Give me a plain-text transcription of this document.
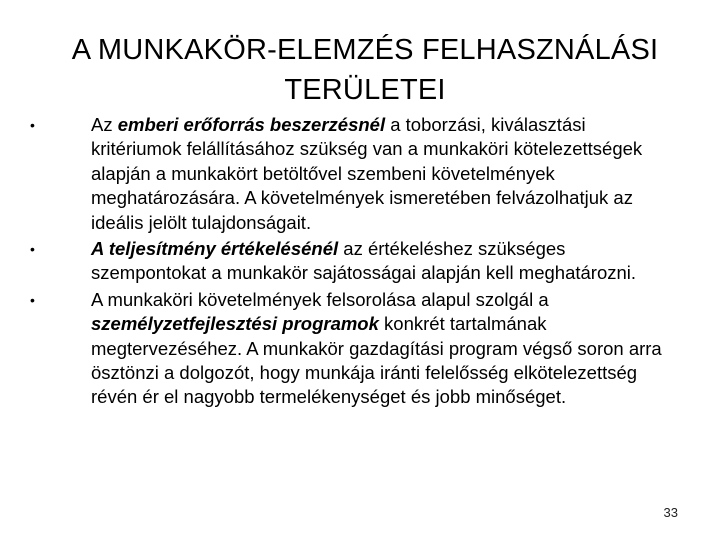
A MUNKAKÖR-ELEMZÉS FELHASZNÁLÁSI TERÜLETEI
•	Az emberi erőforrás beszerzésnél a toborzási, kiválasztási kritériumok felállításához szükség van a munkaköri kötelezettségek alapján a munkakört betöltővel szembeni követelmények meghatározására. A követelmények ismeretében felvázolhatjuk az ideális jelölt tulajdonságait.
•	A teljesítmény értékelésénél az értékeléshez szükséges szempontokat a munkakör sajátosságai alapján kell meghatározni.
•	A munkaköri követelmények felsorolása alapul szolgál a személyzetfejlesztési programok konkrét tartalmának megtervezéséhez. A munkakör gazdagítási program végső soron arra ösztönzi a dolgozót, hogy munkája iránti felelősség elkötelezettség révén ér el nagyobb termelékenységet és jobb minőséget.
33
